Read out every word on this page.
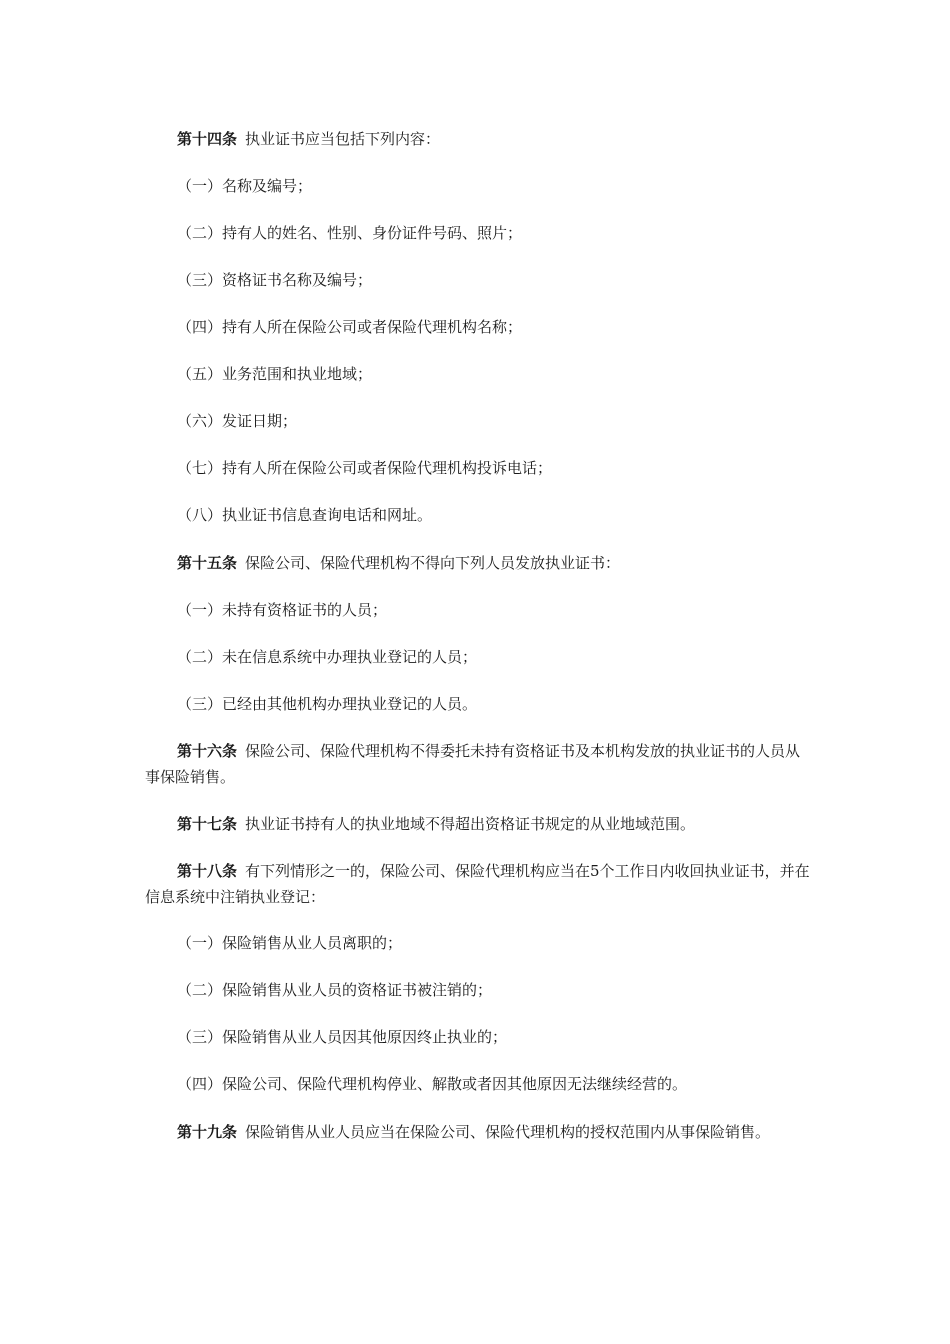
第十四条 执业证书应当包括下列内容：

（一）名称及编号；

（二）持有人的姓名、性别、身份证件号码、照片；

（三）资格证书名称及编号；

（四）持有人所在保险公司或者保险代理机构名称；

（五）业务范围和执业地域；

（六）发证日期；

（七）持有人所在保险公司或者保险代理机构投诉电话；

（八）执业证书信息查询电话和网址。

第十五条 保险公司、保险代理机构不得向下列人员发放执业证书：

（一）未持有资格证书的人员；

（二）未在信息系统中办理执业登记的人员；

（三）已经由其他机构办理执业登记的人员。

第十六条 保险公司、保险代理机构不得委托未持有资格证书及本机构发放的执业证书的人员从事保险销售。

第十七条 执业证书持有人的执业地域不得超出资格证书规定的从业地域范围。

第十八条 有下列情形之一的，保险公司、保险代理机构应当在5个工作日内收回执业证书，并在信息系统中注销执业登记：

（一）保险销售从业人员离职的；

（二）保险销售从业人员的资格证书被注销的；

（三）保险销售从业人员因其他原因终止执业的；

（四）保险公司、保险代理机构停业、解散或者因其他原因无法继续经营的。

第十九条 保险销售从业人员应当在保险公司、保险代理机构的授权范围内从事保险销售。
